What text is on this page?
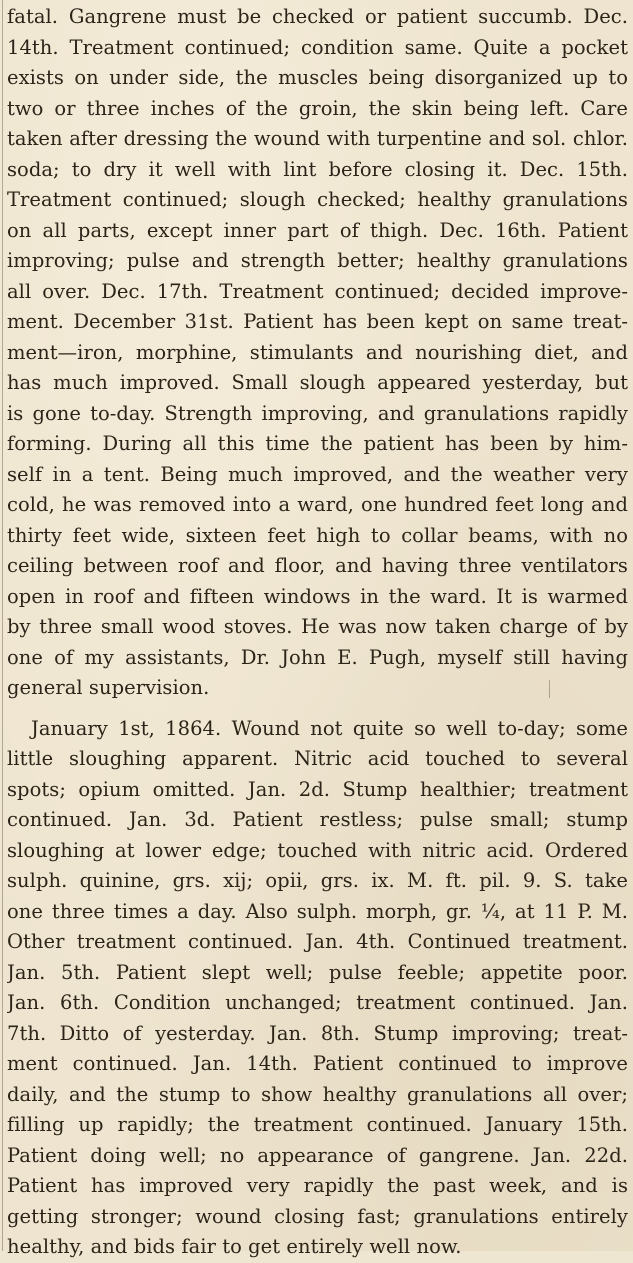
fatal. Gangrene must be checked or patient succumb. Dec.
14th. Treatment continued; condition same. Quite a pocket
exists on under side, the muscles being disorganized up to
two or three inches of the groin, the skin being left. Care
taken after dressing the wound with turpentine and sol. chlor.
soda; to dry it well with lint before closing it. Dec. 15th.
Treatment continued; slough checked; healthy granulations
on all parts, except inner part of thigh. Dec. 16th. Patient
improving; pulse and strength better; healthy granulations
all over. Dec. 17th. Treatment continued; decided improve-
ment. December 31st. Patient has been kept on same treat-
ment—iron, morphine, stimulants and nourishing diet, and
has much improved. Small slough appeared yesterday, but
is gone to-day. Strength improving, and granulations rapidly
forming. During all this time the patient has been by him-
self in a tent. Being much improved, and the weather very
cold, he was removed into a ward, one hundred feet long and
thirty feet wide, sixteen feet high to collar beams, with no
ceiling between roof and floor, and having three ventilators
open in roof and fifteen windows in the ward. It is warmed
by three small wood stoves. He was now taken charge of by
one of my assistants, Dr. John E. Pugh, myself still having
general supervision.
January 1st, 1864. Wound not quite so well to-day; some
little sloughing apparent. Nitric acid touched to several
spots; opium omitted. Jan. 2d. Stump healthier; treatment
continued. Jan. 3d. Patient restless; pulse small; stump
sloughing at lower edge; touched with nitric acid. Ordered
sulph. quinine, grs. xij; opii, grs. ix. M. ft. pil. 9. S. take
one three times a day. Also sulph. morph, gr. ¼, at 11 P. M.
Other treatment continued. Jan. 4th. Continued treatment.
Jan. 5th. Patient slept well; pulse feeble; appetite poor.
Jan. 6th. Condition unchanged; treatment continued. Jan.
7th. Ditto of yesterday. Jan. 8th. Stump improving; treat-
ment continued. Jan. 14th. Patient continued to improve
daily, and the stump to show healthy granulations all over;
filling up rapidly; the treatment continued. January 15th.
Patient doing well; no appearance of gangrene. Jan. 22d.
Patient has improved very rapidly the past week, and is
getting stronger; wound closing fast; granulations entirely
healthy, and bids fair to get entirely well now.
